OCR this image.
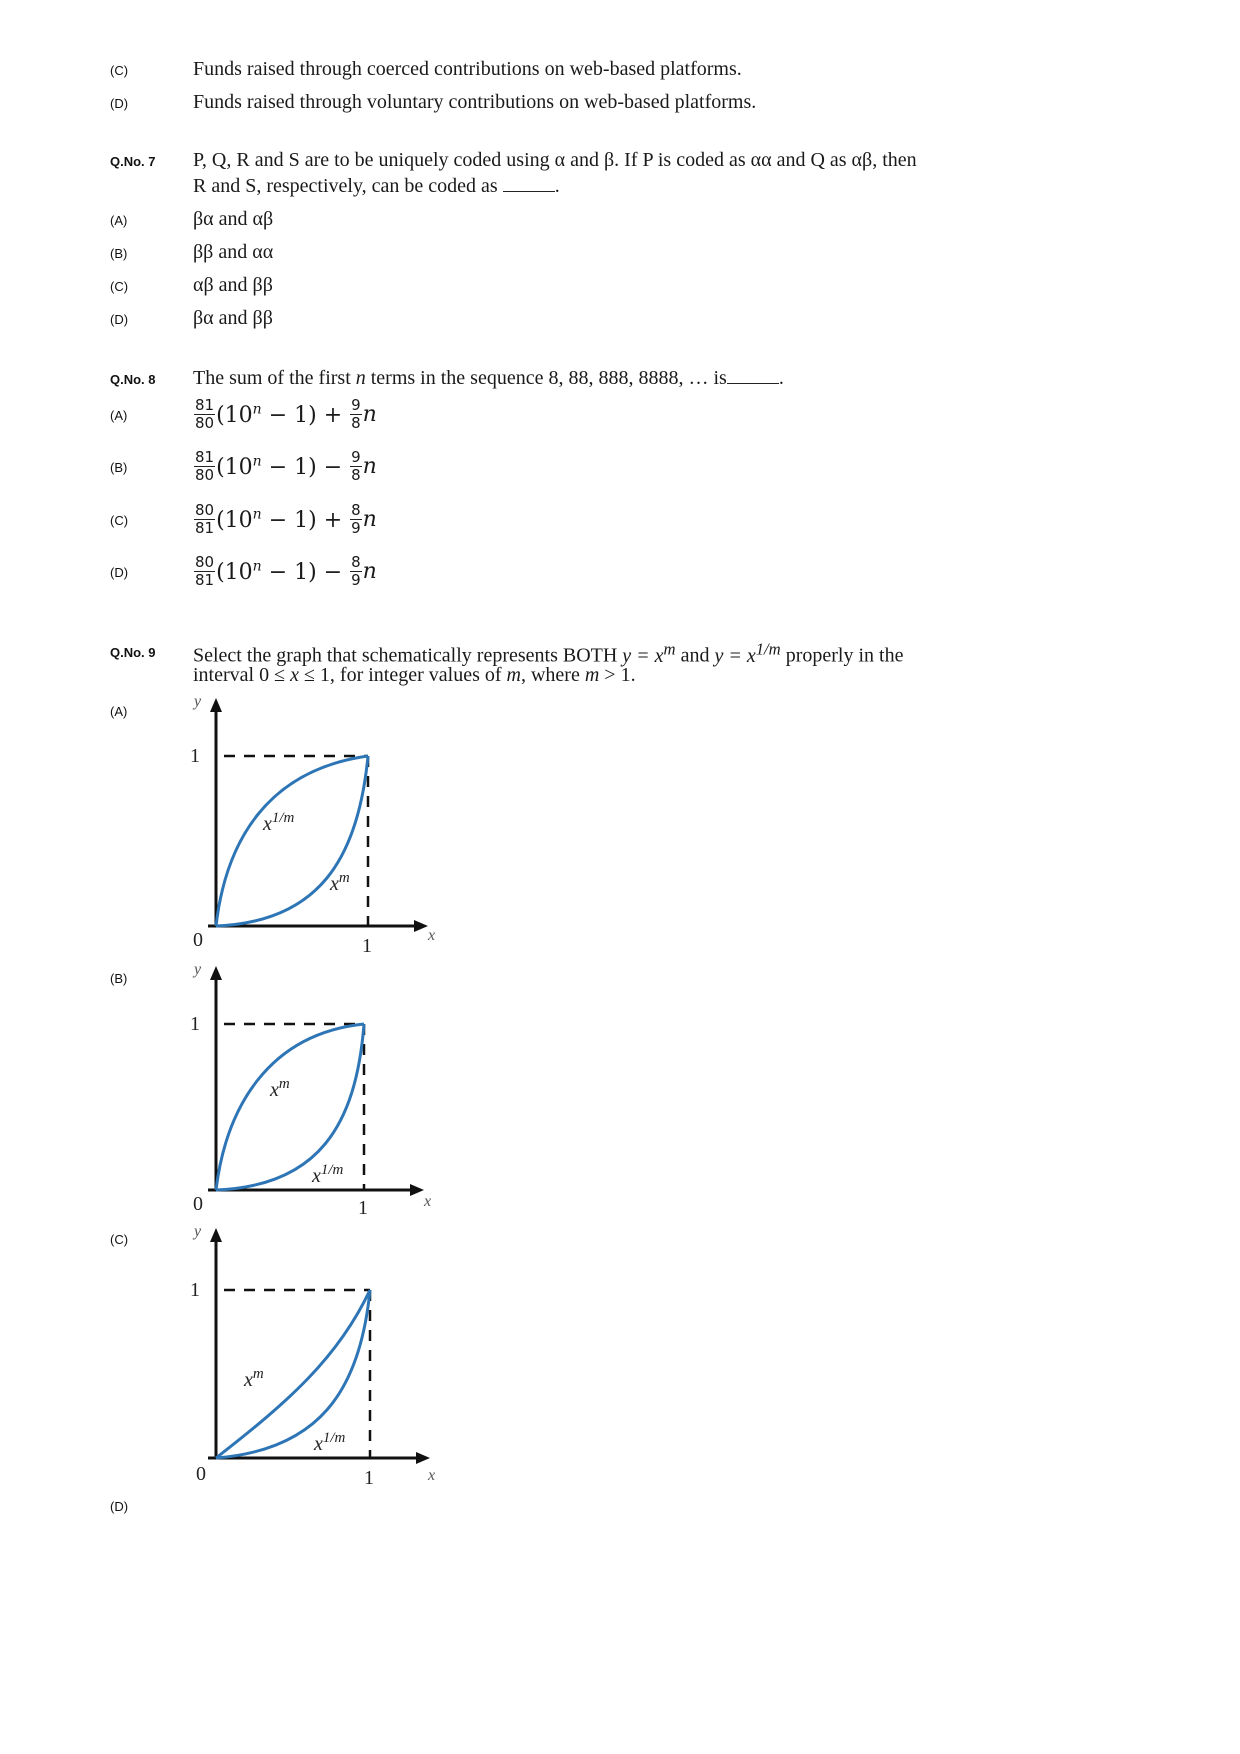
(C)	Funds raised through coerced contributions on web-based platforms.
(D)	Funds raised through voluntary contributions on web-based platforms.
Q.No. 7 P, Q, R and S are to be uniquely coded using α and β. If P is coded as αα and Q as αβ, then
R and S, respectively, can be coded as	.
(A)	βα and αβ
(B)	ββ and αα
(C)	αβ and ββ
(D)	βα and ββ
Q.No. 8 The sum of the first n terms in the sequence 8, 88, 888, 8888, … is	.
(A)	$\frac{81}{80} (10^n - 1) + \frac{9}{8}$ n
(B)	$\frac{81}{80} (10^n - 1) - \frac{9}{8}$ n
(C)	$\frac{80}{81} (10^n - 1) + \frac{8}{9}$ n
(D)	$\frac{80}{81} (10^n - 1) - \frac{8}{9}$ n
Q.No. 9 Select the graph that schematically represents BOTH $y = x^m$ and $y = x^{1/m}$ properly in the
interval 0 ≤ x ≤ 1, for integer values of m, where m > 1.
(A)
(B)
(C)
(D)
y
1
0	1	x
$x^{1/m}$
$x^m$
y
1
0	1	x
$x^m$
$x^{1/m}$
y
1
0	1	x
$x^m$
$x^{1/m}$
